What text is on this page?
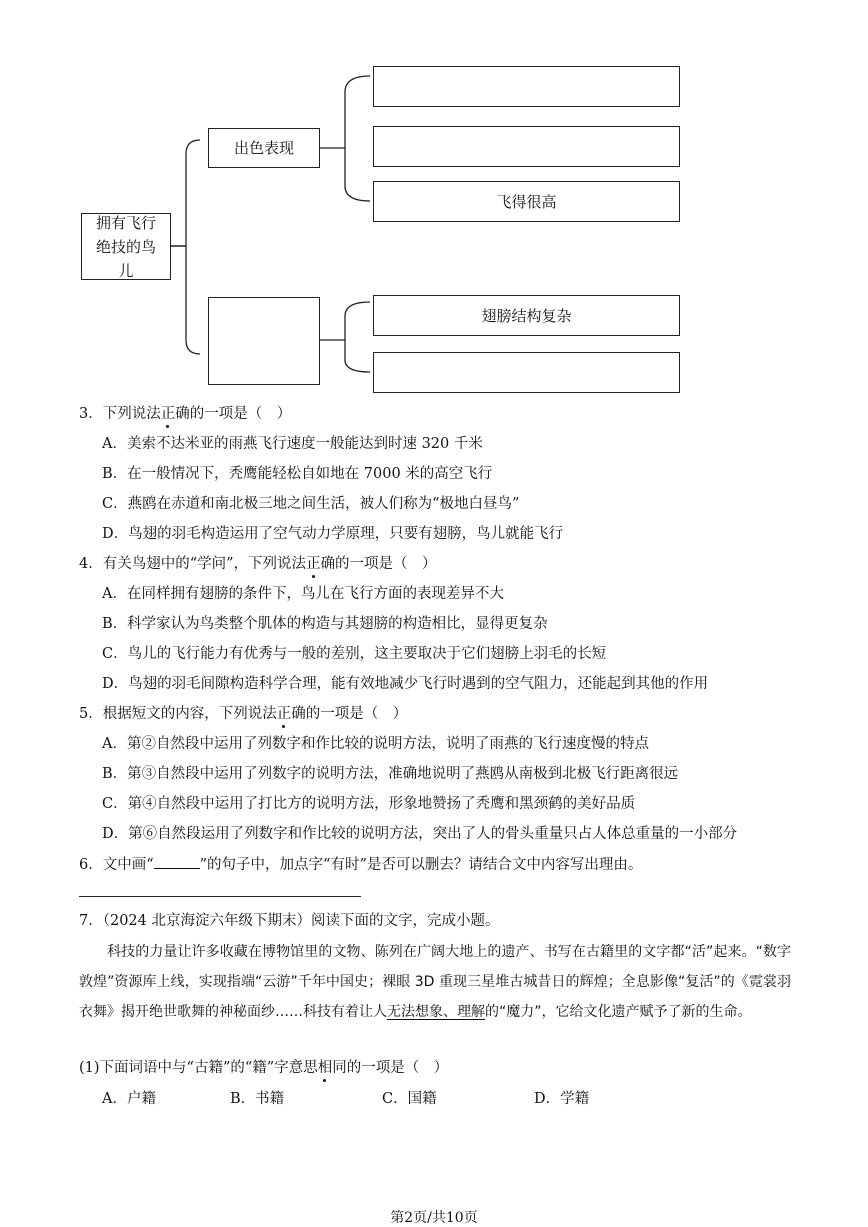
拥有飞行绝技的鸟儿
出色表现
飞得很高
翅膀结构复杂
3．下列说法正确的一项是（　）
A．美索不达米亚的雨燕飞行速度一般能达到时速 320 千米
B．在一般情况下，秃鹰能轻松自如地在 7000 米的高空飞行
C．燕鸥在赤道和南北极三地之间生活，被人们称为“极地白昼鸟”
D．鸟翅的羽毛构造运用了空气动力学原理，只要有翅膀，鸟儿就能飞行
4．有关鸟翅中的“学问”，下列说法正确的一项是（　）
A．在同样拥有翅膀的条件下，鸟儿在飞行方面的表现差异不大
B．科学家认为鸟类整个肌体的构造与其翅膀的构造相比，显得更复杂
C．鸟儿的飞行能力有优秀与一般的差别，这主要取决于它们翅膀上羽毛的长短
D．鸟翅的羽毛间隙构造科学合理，能有效地减少飞行时遇到的空气阻力，还能起到其他的作用
5．根据短文的内容，下列说法正确的一项是（　）
A．第②自然段中运用了列数字和作比较的说明方法，说明了雨燕的飞行速度慢的特点
B．第③自然段中运用了列数字的说明方法，准确地说明了燕鸥从南极到北极飞行距离很远
C．第④自然段中运用了打比方的说明方法，形象地赞扬了秃鹰和黑颈鹤的美好品质
D．第⑥自然段运用了列数字和作比较的说明方法，突出了人的骨头重量只占人体总重量的一小部分
6．文中画“	”的句子中，加点字“有时”是否可以删去？请结合文中内容写出理由。
7．（2024 北京海淀六年级下期末）阅读下面的文字，完成小题。
科技的力量让许多收藏在博物馆里的文物、陈列在广阔大地上的遗产、书写在古籍里的文字都“活”起来。“数字敦煌”资源库上线，实现指端“云游”千年中国史；裸眼 3D 重现三星堆古城昔日的辉煌；全息影像“复活”的《霓裳羽衣舞》揭开绝世歌舞的神秘面纱……科技有着让人无法想象、理解的“魔力”，它给文化遗产赋予了新的生命。
(1)下面词语中与“古籍”的“籍”字意思相同的一项是（　）
A．户籍	B．书籍	C．国籍	D．学籍
第2页/共10页
